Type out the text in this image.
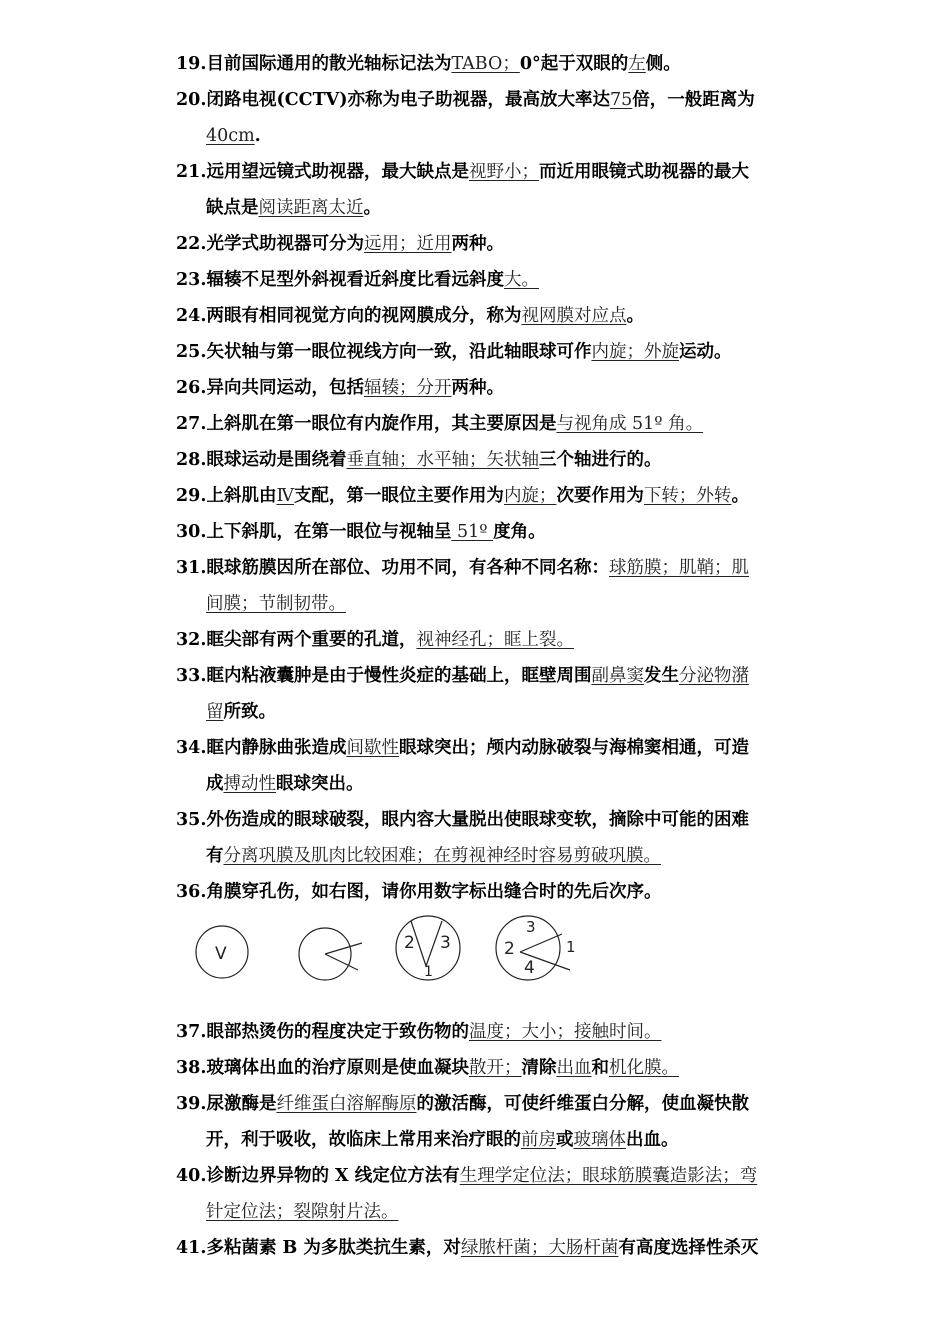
19.目前国际通用的散光轴标记法为TABO；0°起于双眼的左侧。
20.闭路电视(CCTV)亦称为电子助视器，最高放大率达75倍，一般距离为
40cm.
21.远用望远镜式助视器，最大缺点是视野小；而近用眼镜式助视器的最大
缺点是阅读距离太近。
22.光学式助视器可分为远用；近用两种。
23.辐辏不足型外斜视看近斜度比看远斜度大。
24.两眼有相同视觉方向的视网膜成分，称为视网膜对应点。
25.矢状轴与第一眼位视线方向一致，沿此轴眼球可作内旋；外旋运动。
26.异向共同运动，包括辐辏；分开两种。
27.上斜肌在第一眼位有内旋作用，其主要原因是与视角成 51º 角。
28.眼球运动是围绕着垂直轴；水平轴；矢状轴三个轴进行的。
29.上斜肌由Ⅳ支配，第一眼位主要作用为内旋；次要作用为下转；外转。
30.上下斜肌，在第一眼位与视轴呈 51º 度角。
31.眼球筋膜因所在部位、功用不同，有各种不同名称：球筋膜；肌鞘；肌
间膜；节制韧带。
32.眶尖部有两个重要的孔道，视神经孔；眶上裂。
33.眶内粘液囊肿是由于慢性炎症的基础上，眶壁周围副鼻窦发生分泌物潴
留所致。
34.眶内静脉曲张造成间歇性眼球突出；颅内动脉破裂与海棉窦相通，可造
成搏动性眼球突出。
35.外伤造成的眼球破裂，眼内容大量脱出使眼球变软，摘除中可能的困难
有分离巩膜及肌肉比较困难；在剪视神经时容易剪破巩膜。
36.角膜穿孔伤，如右图，请你用数字标出缝合时的先后次序。
37.眼部热烫伤的程度决定于致伤物的温度；大小；接触时间。
38.玻璃体出血的治疗原则是使血凝块散开；清除出血和机化膜。
39.尿激酶是纤维蛋白溶解酶原的激活酶，可使纤维蛋白分解，使血凝快散
开，利于吸收，故临床上常用来治疗眼的前房或玻璃体出血。
40.诊断边界异物的 X 线定位方法有生理学定位法；眼球筋膜囊造影法；弯
针定位法；裂隙射片法。
41.多粘菌素 B 为多肽类抗生素，对绿脓杆菌；大肠杆菌有高度选择性杀灭
V
2 3
1
3
2	1
4
